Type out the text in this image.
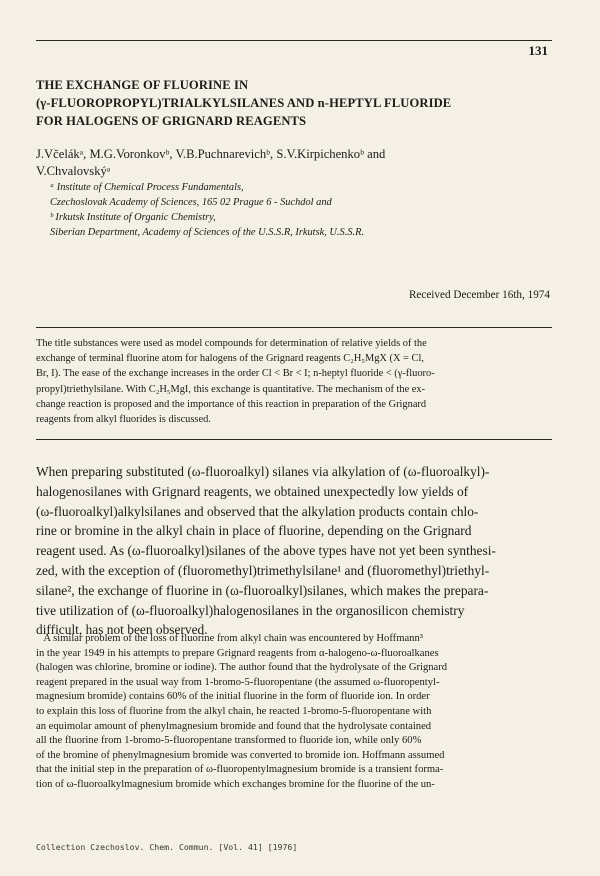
131
THE EXCHANGE OF FLUORINE IN
(γ-FLUOROPROPYL)TRIALKYLSILANES AND n-HEPTYL FLUORIDE
FOR HALOGENS OF GRIGNARD REAGENTS
J.Včelákᵃ, M.G.Voronkovᵇ, V.B.Puchnarevichᵇ, S.V.Kirpichenkoᵇ and
V.Chvalovskýᵃ
ᵃ Institute of Chemical Process Fundamentals,
Czechoslovak Academy of Sciences, 165 02 Prague 6 - Suchdol and
ᵇ Irkutsk Institute of Organic Chemistry,
Siberian Department, Academy of Sciences of the U.S.S.R, Irkutsk, U.S.S.R.
Received December 16th, 1974
The title substances were used as model compounds for determination of relative yields of the
exchange of terminal fluorine atom for halogens of the Grignard reagents C₂H₅MgX (X = Cl,
Br, I). The ease of the exchange increases in the order Cl < Br < I; n-heptyl fluoride < (γ-fluoro-
propyl)triethylsilane. With C₂H₅MgI, this exchange is quantitative. The mechanism of the ex-
change reaction is proposed and the importance of this reaction in preparation of the Grignard
reagents from alkyl fluorides is discussed.
When preparing substituted (ω-fluoroalkyl) silanes via alkylation of (ω-fluoroalkyl)-
halogenosilanes with Grignard reagents, we obtained unexpectedly low yields of
(ω-fluoroalkyl)alkylsilanes and observed that the alkylation products contain chlo-
rine or bromine in the alkyl chain in place of fluorine, depending on the Grignard
reagent used. As (ω-fluoroalkyl)silanes of the above types have not yet been synthesi-
zed, with the exception of (fluoromethyl)trimethylsilane¹ and (fluoromethyl)triethyl-
silane², the exchange of fluorine in (ω-fluoroalkyl)silanes, which makes the prepara-
tive utilization of (ω-fluoroalkyl)halogenosilanes in the organosilicon chemistry
difficult, has not been observed.
A similar problem of the loss of fluorine from alkyl chain was encountered by Hoffmann³
in the year 1949 in his attempts to prepare Grignard reagents from α-halogeno-ω-fluoroalkanes
(halogen was chlorine, bromine or iodine). The author found that the hydrolysate of the Grignard
reagent prepared in the usual way from 1-bromo-5-fluoropentane (the assumed ω-fluoropentyl-
magnesium bromide) contains 60% of the initial fluorine in the form of fluoride ion. In order
to explain this loss of fluorine from the alkyl chain, he reacted 1-bromo-5-fluoropentane with
an equimolar amount of phenylmagnesium bromide and found that the hydrolysate contained
all the fluorine from 1-bromo-5-fluoropentane transformed to fluoride ion, while only 60%
of the bromine of phenylmagnesium bromide was converted to bromide ion. Hoffmann assumed
that the initial step in the preparation of ω-fluoropentylmagnesium bromide is a transient forma-
tion of ω-fluoroalkylmagnesium bromide which exchanges bromine for the fluorine of the un-
Collection Czechoslov. Chem. Commun. [Vol. 41] [1976]
